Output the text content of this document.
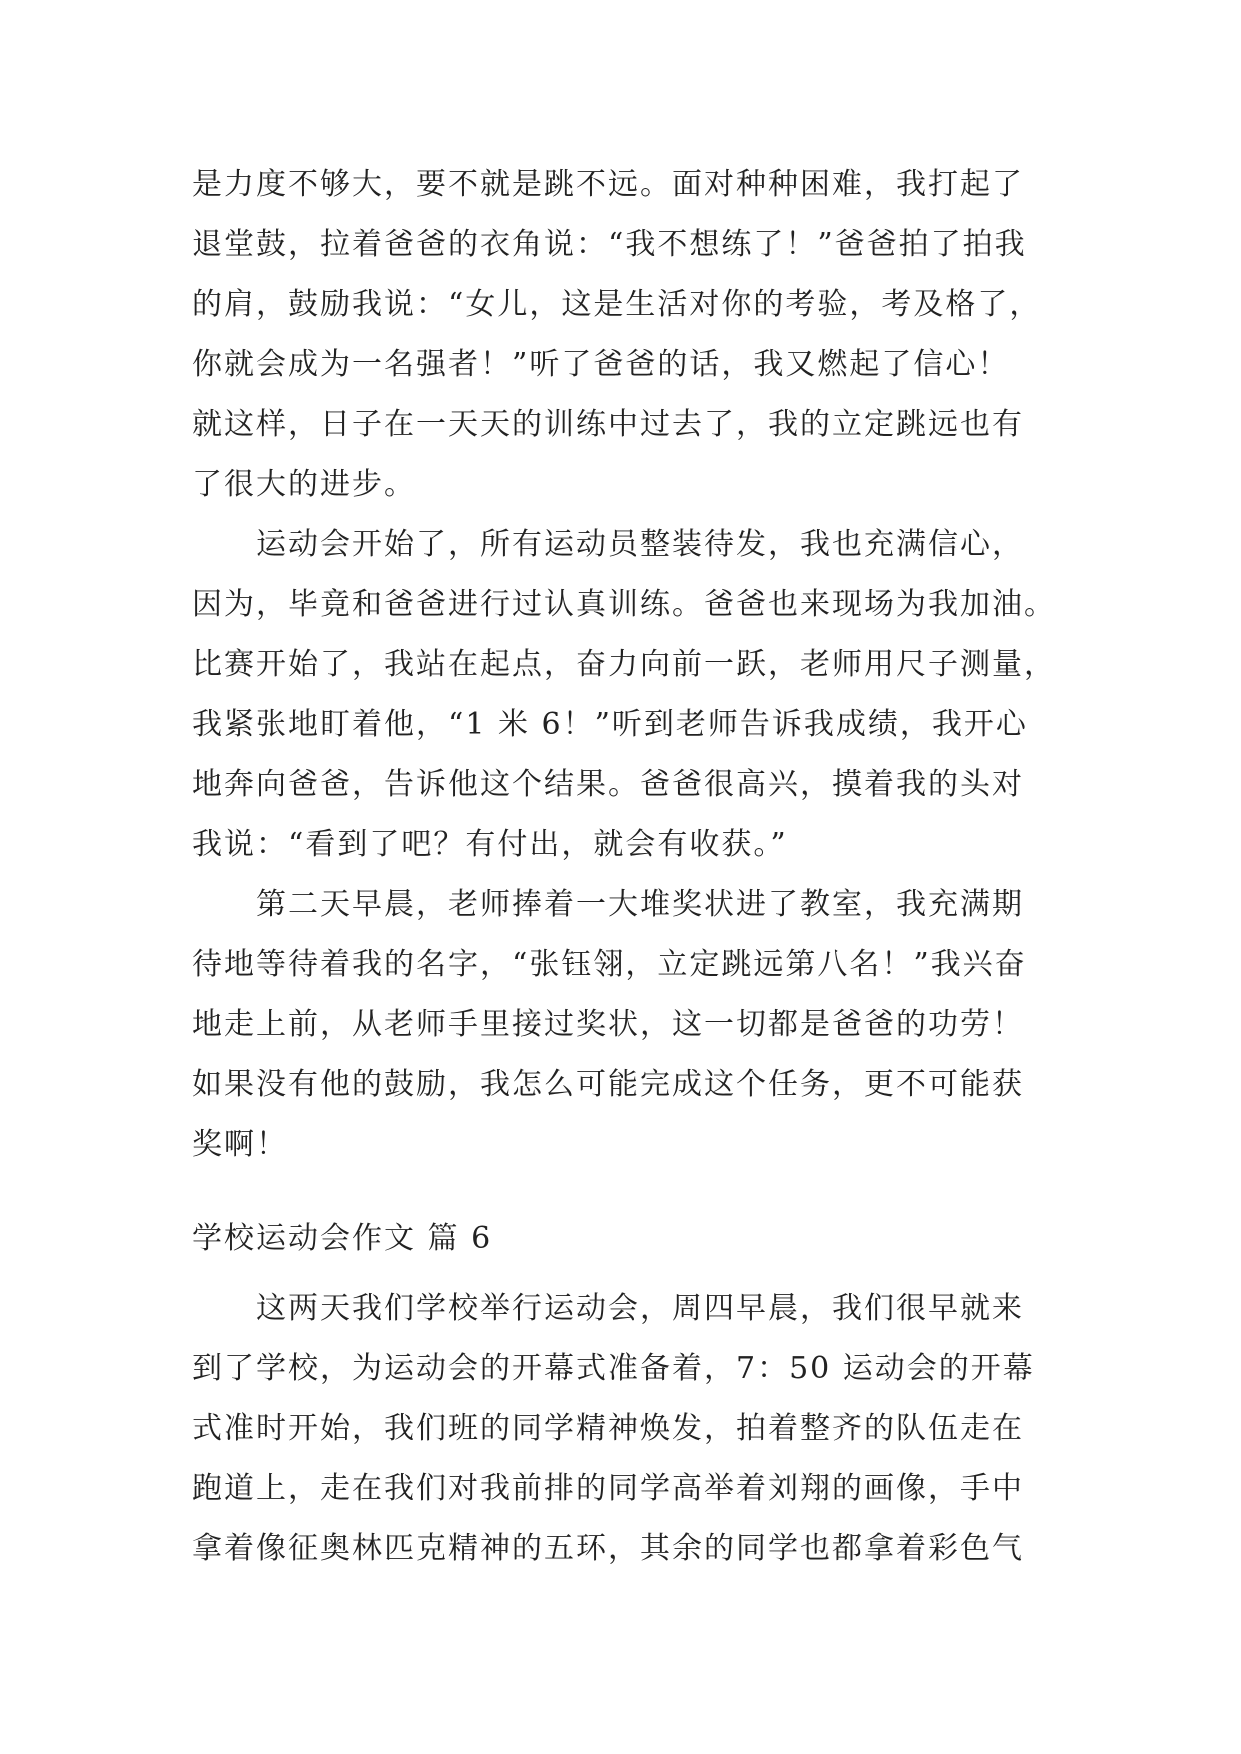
是力度不够大，要不就是跳不远。面对种种困难，我打起了
退堂鼓，拉着爸爸的衣角说：“我不想练了！”爸爸拍了拍我
的肩，鼓励我说：“女儿，这是生活对你的考验，考及格了，
你就会成为一名强者！”听了爸爸的话，我又燃起了信心！
就这样，日子在一天天的训练中过去了，我的立定跳远也有
了很大的进步。
运动会开始了，所有运动员整装待发，我也充满信心，
因为，毕竟和爸爸进行过认真训练。爸爸也来现场为我加油。
比赛开始了，我站在起点，奋力向前一跃，老师用尺子测量，
我紧张地盯着他，“1 米 6！”听到老师告诉我成绩，我开心
地奔向爸爸，告诉他这个结果。爸爸很高兴，摸着我的头对
我说：“看到了吧？有付出，就会有收获。”
第二天早晨，老师捧着一大堆奖状进了教室，我充满期
待地等待着我的名字，“张钰翎，立定跳远第八名！”我兴奋
地走上前，从老师手里接过奖状，这一切都是爸爸的功劳！
如果没有他的鼓励，我怎么可能完成这个任务，更不可能获
奖啊！
学校运动会作文 篇 6
这两天我们学校举行运动会，周四早晨，我们很早就来
到了学校，为运动会的开幕式准备着，7：50 运动会的开幕
式准时开始，我们班的同学精神焕发，拍着整齐的队伍走在
跑道上，走在我们对我前排的同学高举着刘翔的画像，手中
拿着像征奥林匹克精神的五环，其余的同学也都拿着彩色气
